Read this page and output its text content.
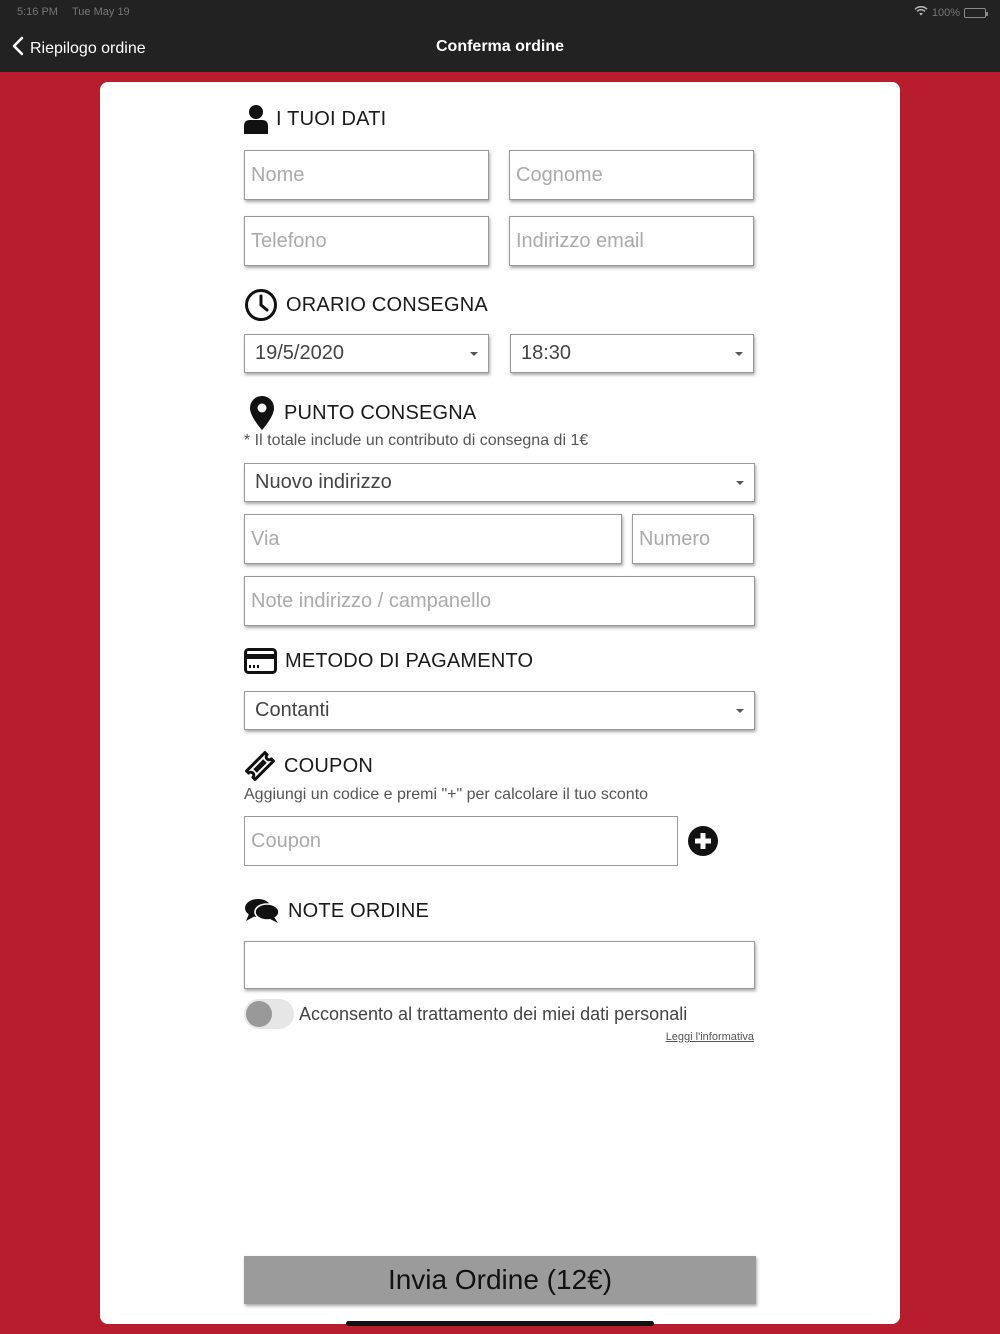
5:16 PM Tue May 19	100%
Riepilogo ordine	Conferma ordine
I TUOI DATI
Nome
Cognome
Telefono
Indirizzo email
ORARIO CONSEGNA
19/5/2020	18:30
PUNTO CONSEGNA
* Il totale include un contributo di consegna di 1€
Nuovo indirizzo
Via
Numero
Note indirizzo / campanello
METODO DI PAGAMENTO
Contanti
COUPON
Aggiungi un codice e premi "+" per calcolare il tuo sconto
Coupon
NOTE ORDINE
Acconsento al trattamento dei miei dati personali
Leggi l'informativa
Invia Ordine (12€)
